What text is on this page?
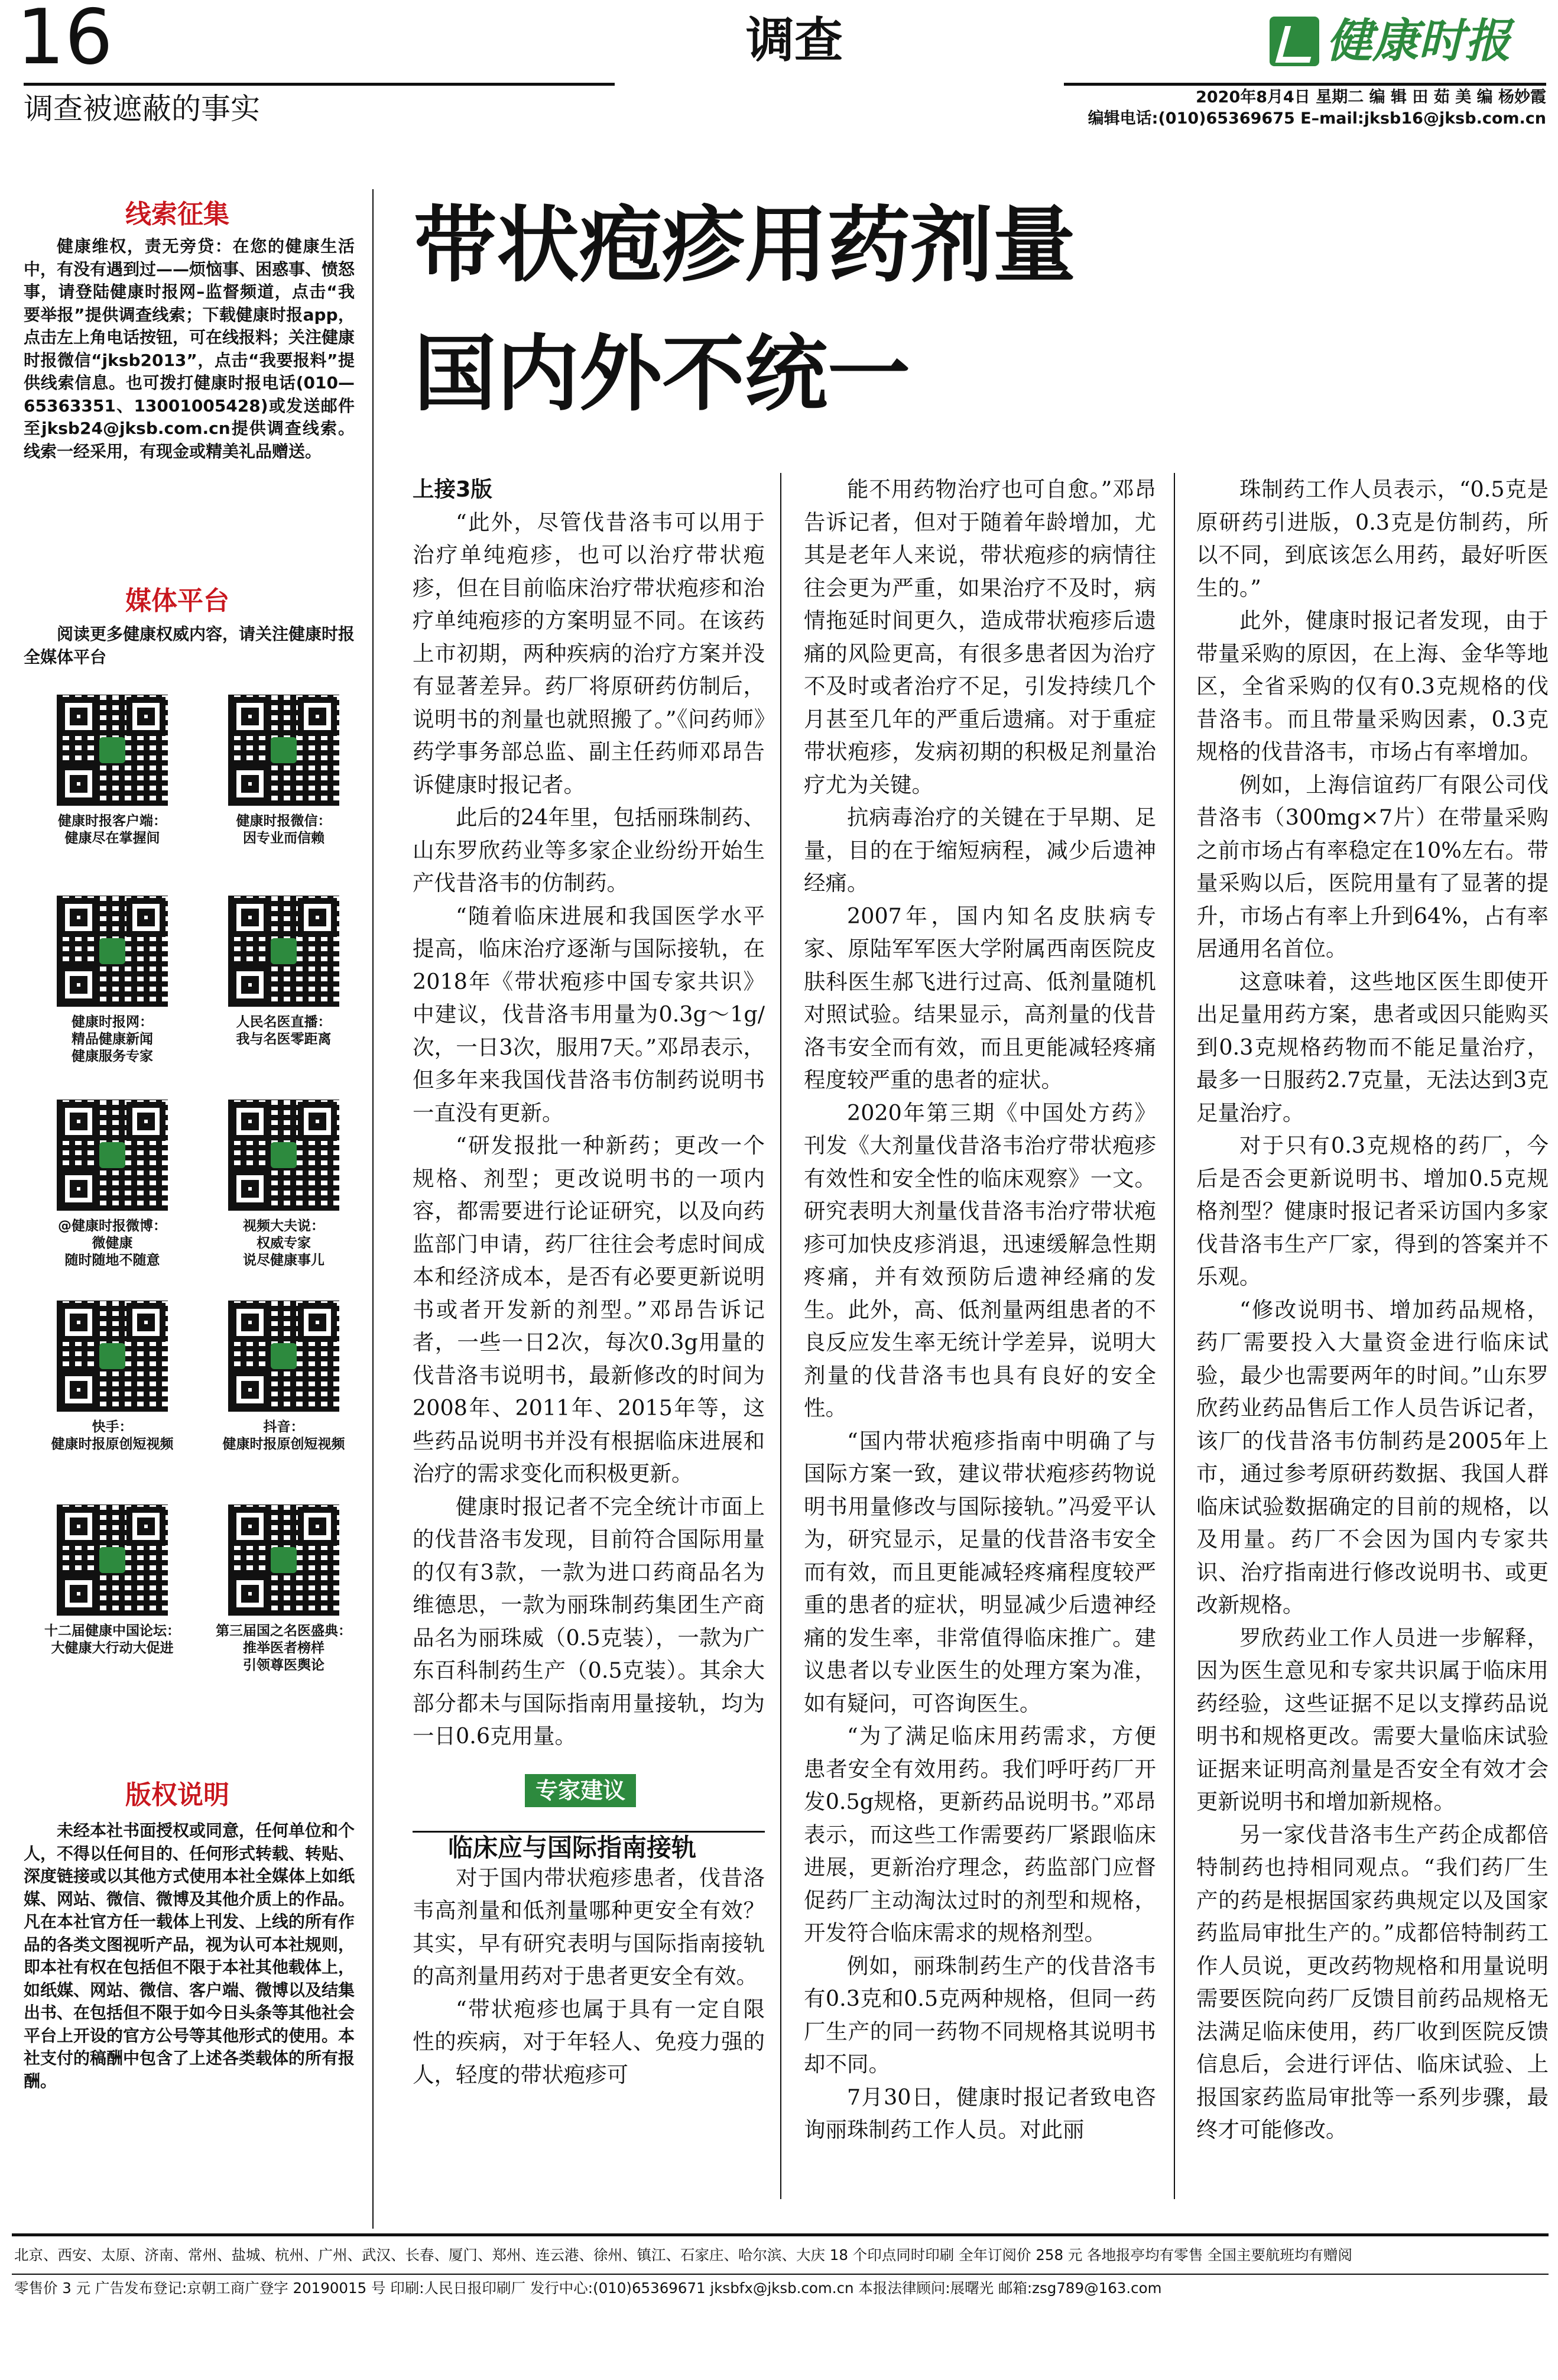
16
调查被遮蔽的事实
调查	健康时报
2020年8月4日 星期二 编 辑 田 茹 美 编 杨妙霞
编辑电话:(010)65369675 E–mail:jksb16@jksb.com.cn
线索征集

健康维权，责无旁贷：在您的健康生活中，有没有遇到过——烦恼事、困惑事、愤怒事，请登陆健康时报网–监督频道，点击“我要举报”提供调查线索；下载健康时报app，点击左上角电话按钮，可在线报料；关注健康时报微信“jksb2013”，点击“我要报料”提供线索信息。也可拨打健康时报电话(010—65363351、13001005428)或发送邮件至jksb24@jksb.com.cn提供调查线索。线索一经采用，有现金或精美礼品赠送。

媒体平台

阅读更多健康权威内容，请关注健康时报全媒体平台

健康时报客户端：
健康尽在掌握间
健康时报微信：
因专业而信赖
健康时报网：
精品健康新闻
健康服务专家
人民名医直播：
我与名医零距离
@健康时报微博：
微健康
随时随地不随意
视频大夫说：
权威专家
说尽健康事儿
快手：
健康时报原创短视频
抖音：
健康时报原创短视频
十二届健康中国论坛：
大健康大行动大促进
第三届国之名医盛典：
推举医者榜样
引领尊医舆论
版权说明

未经本社书面授权或同意，任何单位和个人，不得以任何目的、任何形式转载、转贴、深度链接或以其他方式使用本社全媒体上如纸媒、网站、微信、微博及其他介质上的作品。凡在本社官方任一载体上刊发、上线的所有作品的各类文图视听产品，视为认可本社规则，即本社有权在包括但不限于本社其他载体上，如纸媒、网站、微信、客户端、微博以及结集出书、在包括但不限于如今日头条等其他社会平台上开设的官方公号等其他形式的使用。本社支付的稿酬中包含了上述各类载体的所有报酬。

带状疱疹用药剂量
国内外不统一
上接3版

“此外，尽管伐昔洛韦可以用于治疗单纯疱疹，也可以治疗带状疱疹，但在目前临床治疗带状疱疹和治疗单纯疱疹的方案明显不同。在该药上市初期，两种疾病的治疗方案并没有显著差异。药厂将原研药仿制后，说明书的剂量也就照搬了。”《问药师》药学事务部总监、副主任药师邓昂告诉健康时报记者。

此后的24年里，包括丽珠制药、山东罗欣药业等多家企业纷纷开始生产伐昔洛韦的仿制药。

“随着临床进展和我国医学水平提高，临床治疗逐渐与国际接轨，在2018年《带状疱疹中国专家共识》中建议，伐昔洛韦用量为0.3g～1g/次，一日3次，服用7天。”邓昂表示，但多年来我国伐昔洛韦仿制药说明书一直没有更新。

“研发报批一种新药；更改一个规格、剂型；更改说明书的一项内容，都需要进行论证研究，以及向药监部门申请，药厂往往会考虑时间成本和经济成本，是否有必要更新说明书或者开发新的剂型。”邓昂告诉记者，一些一日2次，每次0.3g用量的伐昔洛韦说明书，最新修改的时间为2008年、2011年、2015年等，这些药品说明书并没有根据临床进展和治疗的需求变化而积极更新。

健康时报记者不完全统计市面上的伐昔洛韦发现，目前符合国际用量的仅有3款，一款为进口药商品名为维德思，一款为丽珠制药集团生产商品名为丽珠威（0.5克装），一款为广东百科制药生产（0.5克装）。其余大部分都未与国际指南用量接轨，均为一日0.6克用量。

专家建议
临床应与国际指南接轨

对于国内带状疱疹患者，伐昔洛韦高剂量和低剂量哪种更安全有效？其实，早有研究表明与国际指南接轨的高剂量用药对于患者更安全有效。

“带状疱疹也属于具有一定自限性的疾病，对于年轻人、免疫力强的人，轻度的带状疱疹可

能不用药物治疗也可自愈。”邓昂告诉记者，但对于随着年龄增加，尤其是老年人来说，带状疱疹的病情往往会更为严重，如果治疗不及时，病情拖延时间更久，造成带状疱疹后遗痛的风险更高，有很多患者因为治疗不及时或者治疗不足，引发持续几个月甚至几年的严重后遗痛。对于重症带状疱疹，发病初期的积极足剂量治疗尤为关键。

抗病毒治疗的关键在于早期、足量，目的在于缩短病程，减少后遗神经痛。

2007年，国内知名皮肤病专家、原陆军军医大学附属西南医院皮肤科医生郝飞进行过高、低剂量随机对照试验。结果显示，高剂量的伐昔洛韦安全而有效，而且更能减轻疼痛程度较严重的患者的症状。

2020年第三期《中国处方药》刊发《大剂量伐昔洛韦治疗带状疱疹有效性和安全性的临床观察》一文。研究表明大剂量伐昔洛韦治疗带状疱疹可加快皮疹消退，迅速缓解急性期疼痛，并有效预防后遗神经痛的发生。此外，高、低剂量两组患者的不良反应发生率无统计学差异，说明大剂量的伐昔洛韦也具有良好的安全性。

“国内带状疱疹指南中明确了与国际方案一致，建议带状疱疹药物说明书用量修改与国际接轨。”冯爱平认为，研究显示，足量的伐昔洛韦安全而有效，而且更能减轻疼痛程度较严重的患者的症状，明显减少后遗神经痛的发生率，非常值得临床推广。建议患者以专业医生的处理方案为准，如有疑问，可咨询医生。

“为了满足临床用药需求，方便患者安全有效用药。我们呼吁药厂开发0.5g规格，更新药品说明书。”邓昂表示，而这些工作需要药厂紧跟临床进展，更新治疗理念，药监部门应督促药厂主动淘汰过时的剂型和规格，开发符合临床需求的规格剂型。

例如，丽珠制药生产的伐昔洛韦有0.3克和0.5克两种规格，但同一药厂生产的同一药物不同规格其说明书却不同。

7月30日，健康时报记者致电咨询丽珠制药工作人员。对此丽

珠制药工作人员表示，“0.5克是原研药引进版，0.3克是仿制药，所以不同，到底该怎么用药，最好听医生的。”

此外，健康时报记者发现，由于带量采购的原因，在上海、金华等地区，全省采购的仅有0.3克规格的伐昔洛韦。而且带量采购因素，0.3克规格的伐昔洛韦，市场占有率增加。

例如，上海信谊药厂有限公司伐昔洛韦（300mg×7片）在带量采购之前市场占有率稳定在10%左右。带量采购以后，医院用量有了显著的提升，市场占有率上升到64%，占有率居通用名首位。

这意味着，这些地区医生即使开出足量用药方案，患者或因只能购买到0.3克规格药物而不能足量治疗，最多一日服药2.7克量，无法达到3克足量治疗。

对于只有0.3克规格的药厂，今后是否会更新说明书、增加0.5克规格剂型？健康时报记者采访国内多家伐昔洛韦生产厂家，得到的答案并不乐观。

“修改说明书、增加药品规格，药厂需要投入大量资金进行临床试验，最少也需要两年的时间。”山东罗欣药业药品售后工作人员告诉记者，该厂的伐昔洛韦仿制药是2005年上市，通过参考原研药数据、我国人群临床试验数据确定的目前的规格，以及用量。药厂不会因为国内专家共识、治疗指南进行修改说明书、或更改新规格。

罗欣药业工作人员进一步解释，因为医生意见和专家共识属于临床用药经验，这些证据不足以支撑药品说明书和规格更改。需要大量临床试验证据来证明高剂量是否安全有效才会更新说明书和增加新规格。

另一家伐昔洛韦生产药企成都倍特制药也持相同观点。“我们药厂生产的药是根据国家药典规定以及国家药监局审批生产的。”成都倍特制药工作人员说，更改药物规格和用量说明需要医院向药厂反馈目前药品规格无法满足临床使用，药厂收到医院反馈信息后，会进行评估、临床试验、上报国家药监局审批等一系列步骤，最终才可能修改。

北京、西安、太原、济南、常州、盐城、杭州、广州、武汉、长春、厦门、郑州、连云港、徐州、镇江、石家庄、哈尔滨、大庆 18 个印点同时印刷 全年订阅价 258 元 各地报亭均有零售 全国主要航班均有赠阅
零售价 3 元 广告发布登记:京朝工商广登字 20190015 号 印刷:人民日报印刷厂 发行中心:(010)65369671 jksbfx@jksb.com.cn 本报法律顾问:展曙光 邮箱:zsg789@163.com
